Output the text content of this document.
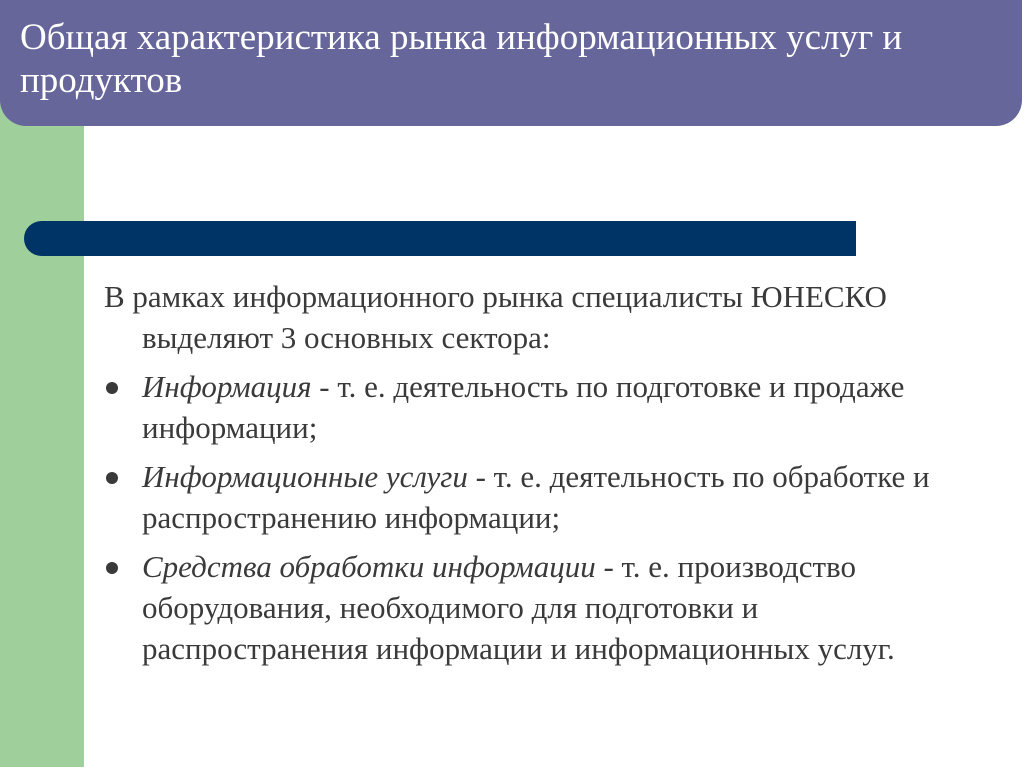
Общая характеристика рынка информационных услуг и продуктов

В рамках информационного рынка специалисты ЮНЕСКО выделяют 3 основных сектора:

Информация - т. е. деятельность по подготовке и продаже информации;
Информационные услуги - т. е. деятельность по обработке и распространению информации;
Средства обработки информации - т. е. производство оборудования, необходимого для подготовки и распространения информации и информационных услуг.
